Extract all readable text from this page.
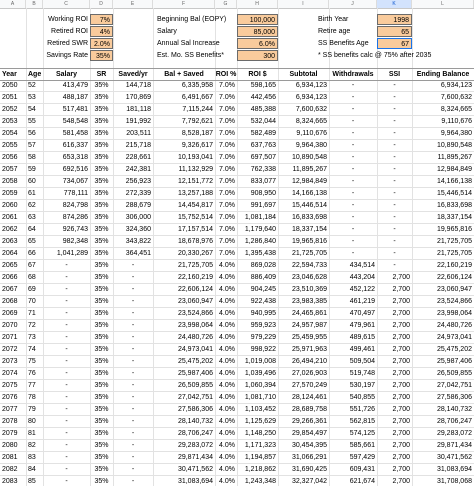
A	B	C	D	E	F	G	H	I	J	K	L
Working ROI	7%
Retired ROI	4%
Retired SWR 2.0%
Savings Rate	35%
Beginning Bal (EOPY)	100,000
Salary	85,000
Annual Sal Increase	6.0%
Est. Mo. SS Benefits*	300
Birth Year	1998
Retire age	65
SS Benefits Age	67
* SS benefits calc @ 75% after 2035
Year	Age	Salary	SR	Saved/yr	Bal + Saved	ROI %	ROI $	Subtotal	Withdrawals	SSI	Ending Balance
2050	52	413,479 35%	144,718	6,335,958 7.0%	598,165	6,934,123	-	-	6,934,123
2051	53	488,187 35%	170,869	6,491,667 7.0%	442,456	6,934,123	-	-	7,600,632
2052	54	517,481 35%	181,118	7,115,244 7.0%	485,388	7,600,632	-	-	8,324,665
2053	55	548,548 35%	191,992	7,792,621 7.0%	532,044	8,324,665	-	-	9,110,676
2054	56	581,458 35%	203,511	8,528,187 7.0%	582,489	9,110,676	-	-	9,964,380
2055	57	616,337 35%	215,718	9,326,617 7.0%	637,763	9,964,380	-	-	10,890,548
2056	58	653,318 35%	228,661	10,193,041 7.0%	697,507	10,890,548	-	-	11,895,267
2057	59	692,516 35%	242,381	11,132,929 7.0%	762,338	11,895,267	-	-	12,984,849
2058	60	734,067 35%	256,923	12,151,772 7.0%	833,077	12,984,849	-	-	14,166,138
2059	61	778,111 35%	272,339	13,257,188 7.0%	908,950	14,166,138	-	-	15,446,514
2060	62	824,798 35%	288,679	14,454,817 7.0%	991,697	15,446,514	-	-	16,833,698
2061	63	874,286 35%	306,000	15,752,514 7.0%	1,081,184	16,833,698	-	-	18,337,154
2062	64	926,743 35%	324,360	17,157,514 7.0%	1,179,640	18,337,154	-	-	19,965,816
2063	65	982,348 35%	343,822	18,678,976 7.0%	1,286,840	19,965,816	-	-	21,725,705
2064	66	1,041,289 35%	364,451	20,330,267 7.0%	1,395,438	21,725,705	-	-	21,725,705
2065	67	-	35%	-	21,725,705 4.0%	869,028	22,594,733	434,514	-	22,160,219
2066	68	-	35%	-	22,160,219 4.0%	886,409	23,046,628	443,204	2,700	22,606,124
2067	69	-	35%	-	22,606,124 4.0%	904,245	23,510,369	452,122	2,700	23,060,947
2068	70	-	35%	-	23,060,947 4.0%	922,438	23,983,385	461,219	2,700	23,524,866
2069	71	-	35%	-	23,524,866 4.0%	940,995	24,465,861	470,497	2,700	23,998,064
2070	72	-	35%	-	23,998,064 4.0%	959,923	24,957,987	479,961	2,700	24,480,726
2071	73	-	35%	-	24,480,726 4.0%	979,229	25,459,955	489,615	2,700	24,973,041
2072	74	-	35%	-	24,973,041 4.0%	998,922	25,971,963	499,461	2,700	25,475,202
2073	75	-	35%	-	25,475,202 4.0%	1,019,008	26,494,210	509,504	2,700	25,987,406
2074	76	-	35%	-	25,987,406 4.0%	1,039,496	27,026,903	519,748	2,700	26,509,855
2075	77	-	35%	-	26,509,855 4.0%	1,060,394	27,570,249	530,197	2,700	27,042,751
2076	78	-	35%	-	27,042,751 4.0%	1,081,710	28,124,461	540,855	2,700	27,586,306
2077	79	-	35%	-	27,586,306 4.0%	1,103,452	28,689,758	551,726	2,700	28,140,732
2078	80	-	35%	-	28,140,732 4.0%	1,125,629	29,266,361	562,815	2,700	28,706,247
2079	81	-	35%	-	28,706,247 4.0%	1,148,250	29,854,497	574,125	2,700	29,283,072
2080	82	-	35%	-	29,283,072 4.0%	1,171,323	30,454,395	585,661	2,700	29,871,434
2081	83	-	35%	-	29,871,434 4.0%	1,194,857	31,066,291	597,429	2,700	30,471,562
2082	84	-	35%	-	30,471,562 4.0%	1,218,862	31,690,425	609,431	2,700	31,083,694
2083	85	-	35%	-	31,083,694 4.0%	1,243,348	32,327,042	621,674	2,700	31,708,068
